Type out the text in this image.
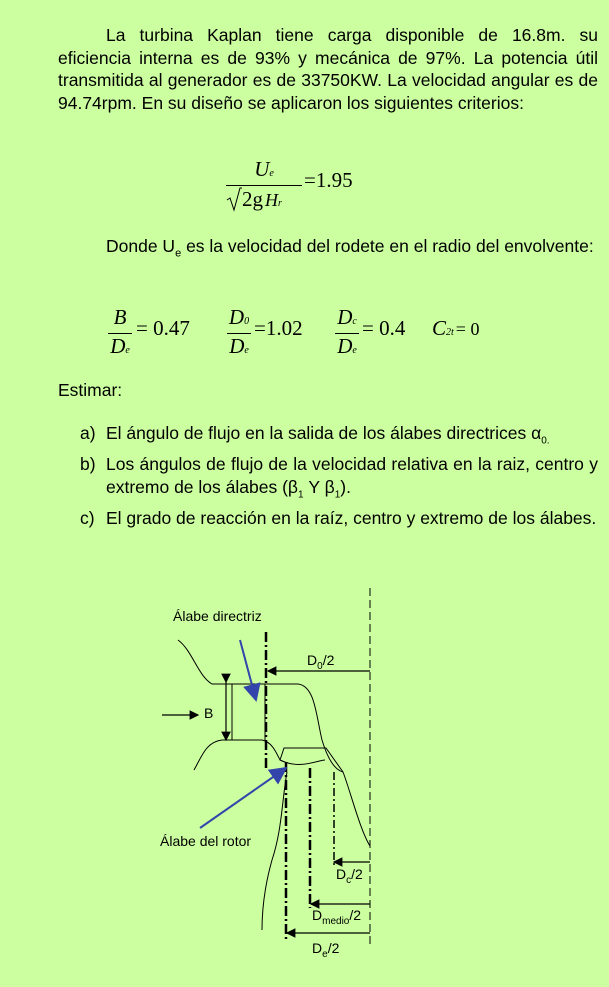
La turbina Kaplan tiene carga disponible de 16.8m. su eficiencia interna es de 93% y mecánica de 97%. La potencia útil transmitida al generador es de 33750KW. La velocidad angular es de 94.74rpm. En su diseño se aplicaron los siguientes criterios:

Ue
2g Hr
=1.95

Donde $U_e$ es la velocidad del rodete en el radio del envolvente:

$\frac{B}{De} = 0.47 \frac{D0}{De} =1.02 \frac{Dc}{De} = 0.4$ C2t = 0

Estimar:

a) El ángulo de flujo en la salida de los álabes directrices $\alpha_{0.}$
b) Los ángulos de flujo de la velocidad relativa en la raiz, centro y extremo de los álabes ($\beta_1$ Y $\beta_1$).
c) El grado de reacción en la raíz, centro y extremo de los álabes.
Álabe directriz
Álabe del rotor
B
$D_0/2$
$D_c/2$
$D_{medio}/2$
$D_e/2$
